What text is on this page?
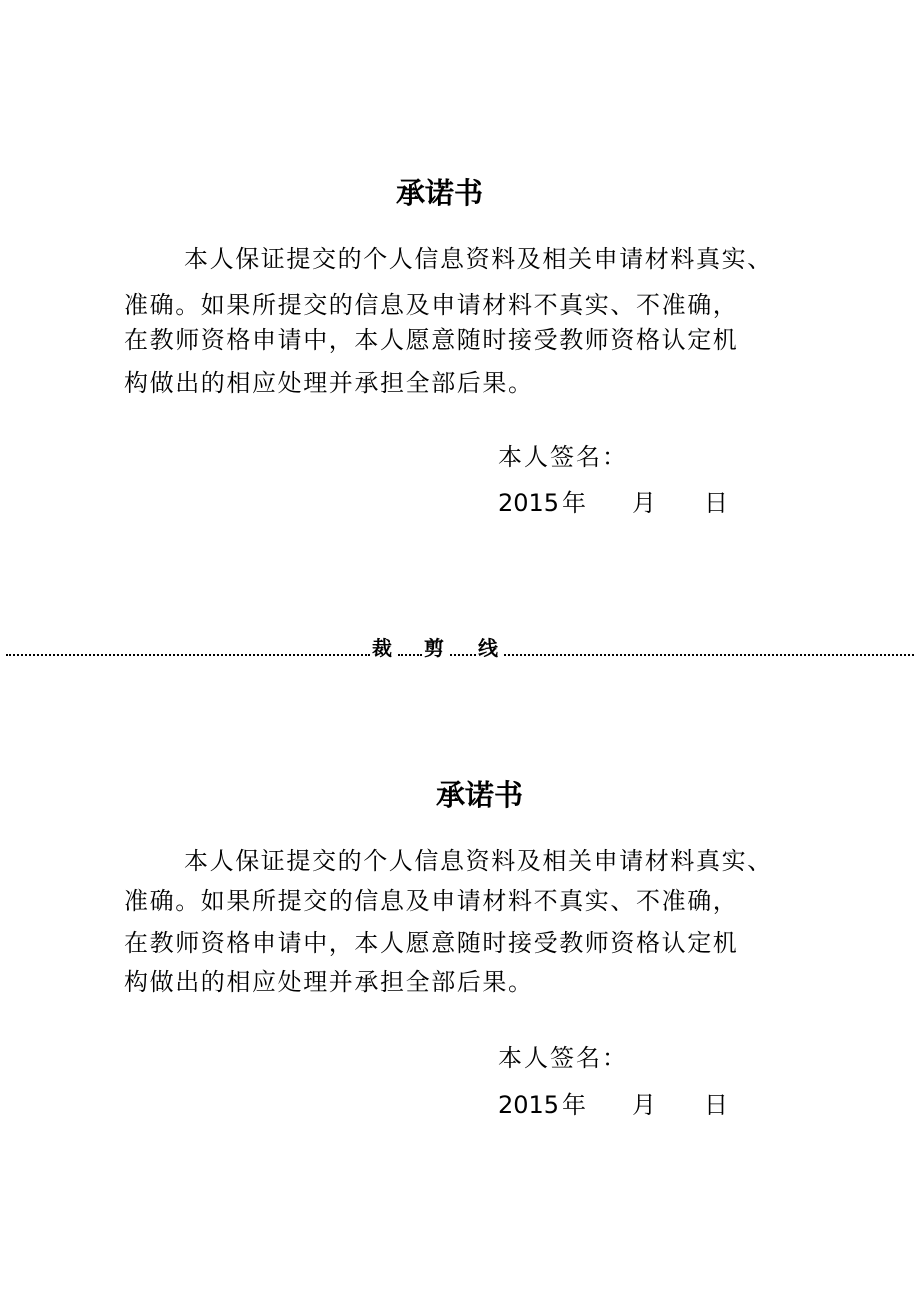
承诺书
本人保证提交的个人信息资料及相关申请材料真实、
准确。如果所提交的信息及申请材料不真实、不准确，
在教师资格申请中，本人愿意随时接受教师资格认定机
构做出的相应处理并承担全部后果。
本人签名：
2015 年 月 日
裁 剪 线
承诺书
本人保证提交的个人信息资料及相关申请材料真实、
准确。如果所提交的信息及申请材料不真实、不准确，
在教师资格申请中，本人愿意随时接受教师资格认定机
构做出的相应处理并承担全部后果。
本人签名：
2015 年 月 日
